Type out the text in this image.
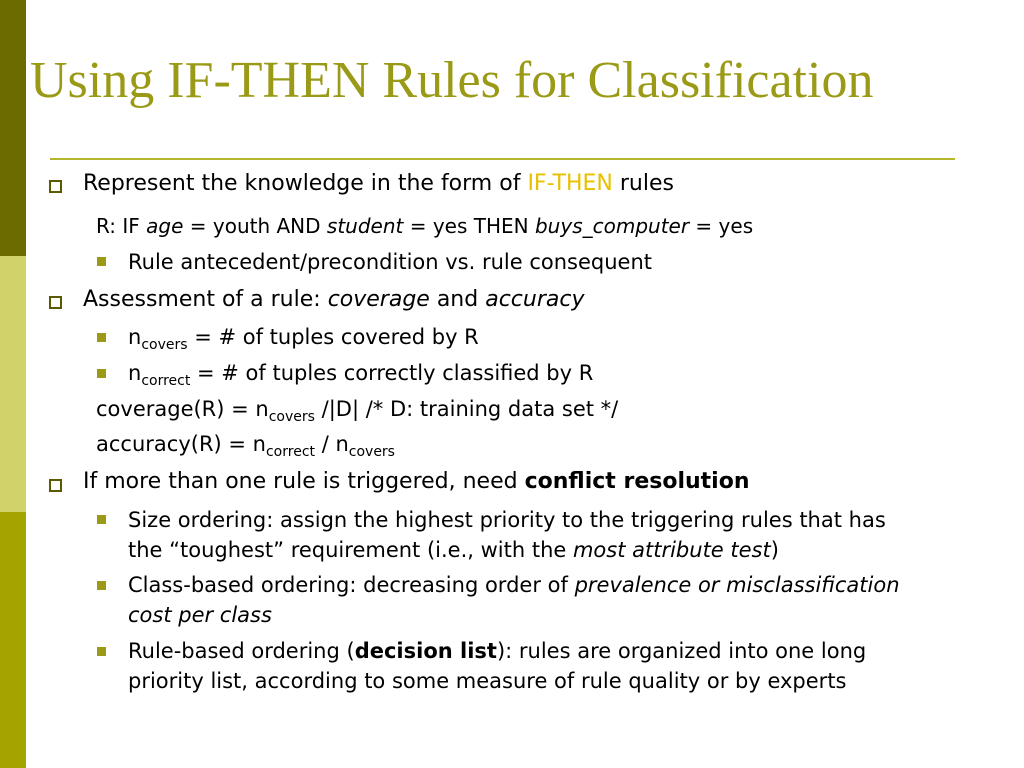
Using IF-THEN Rules for Classification
Represent the knowledge in the form of IF-THEN rules
R: IF age = youth AND student = yes THEN buys_computer = yes
Rule antecedent/precondition vs. rule consequent
Assessment of a rule: coverage and accuracy
$n_{covers}$ = # of tuples covered by R
$n_{correct}$ = # of tuples correctly classified by R
coverage(R) = $n_{covers}$ /|D| /* D: training data set */
accuracy(R) = $n_{correct} / n_{covers}$
If more than one rule is triggered, need conflict resolution
Size ordering: assign the highest priority to the triggering rules that has
the “toughest” requirement (i.e., with the most attribute test)
Class-based ordering: decreasing order of prevalence or misclassification
cost per class
Rule-based ordering (decision list): rules are organized into one long
priority list, according to some measure of rule quality or by experts
